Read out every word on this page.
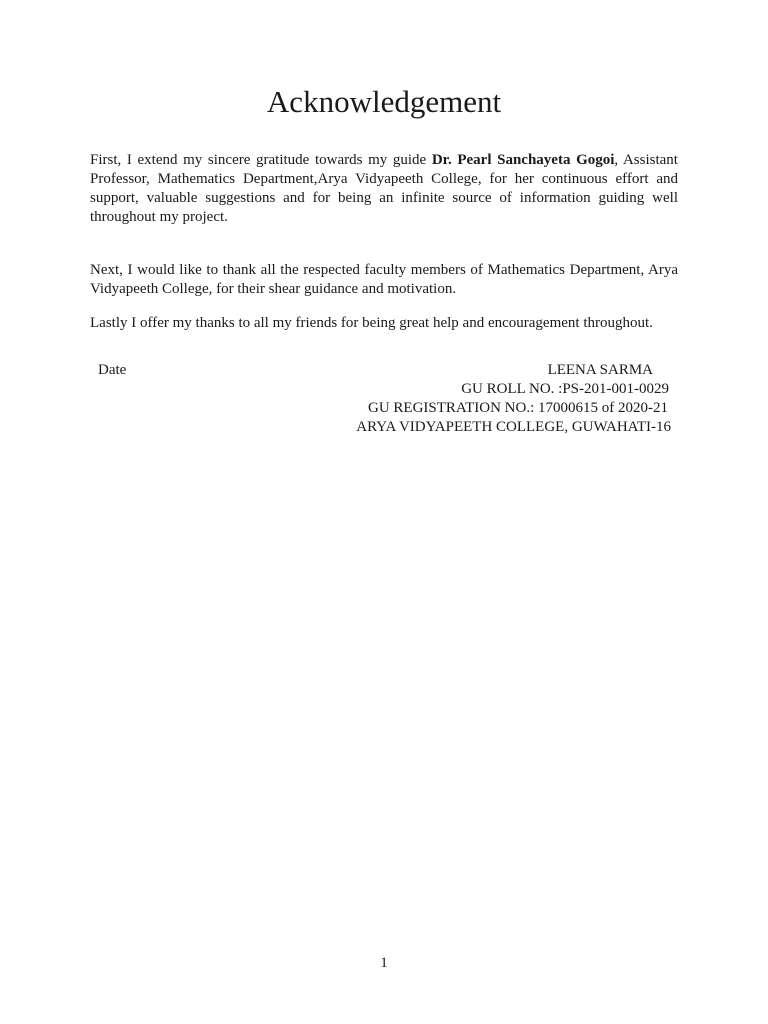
Acknowledgement

First, I extend my sincere gratitude towards my guide Dr. Pearl Sanchayeta Gogoi, Assistant Professor, Mathematics Department,Arya Vidyapeeth College, for her continuous effort and support, valuable suggestions and for being an infinite source of information guiding well throughout my project.

Next, I would like to thank all the respected faculty members of Mathematics Department, Arya Vidyapeeth College, for their shear guidance and motivation.

Lastly I offer my thanks to all my friends for being great help and encouragement throughout.

Date	LEENA SARMA
GU ROLL NO. :PS-201-001-0029
GU REGISTRATION NO.: 17000615 of 2020-21
ARYA VIDYAPEETH COLLEGE, GUWAHATI-16
1
